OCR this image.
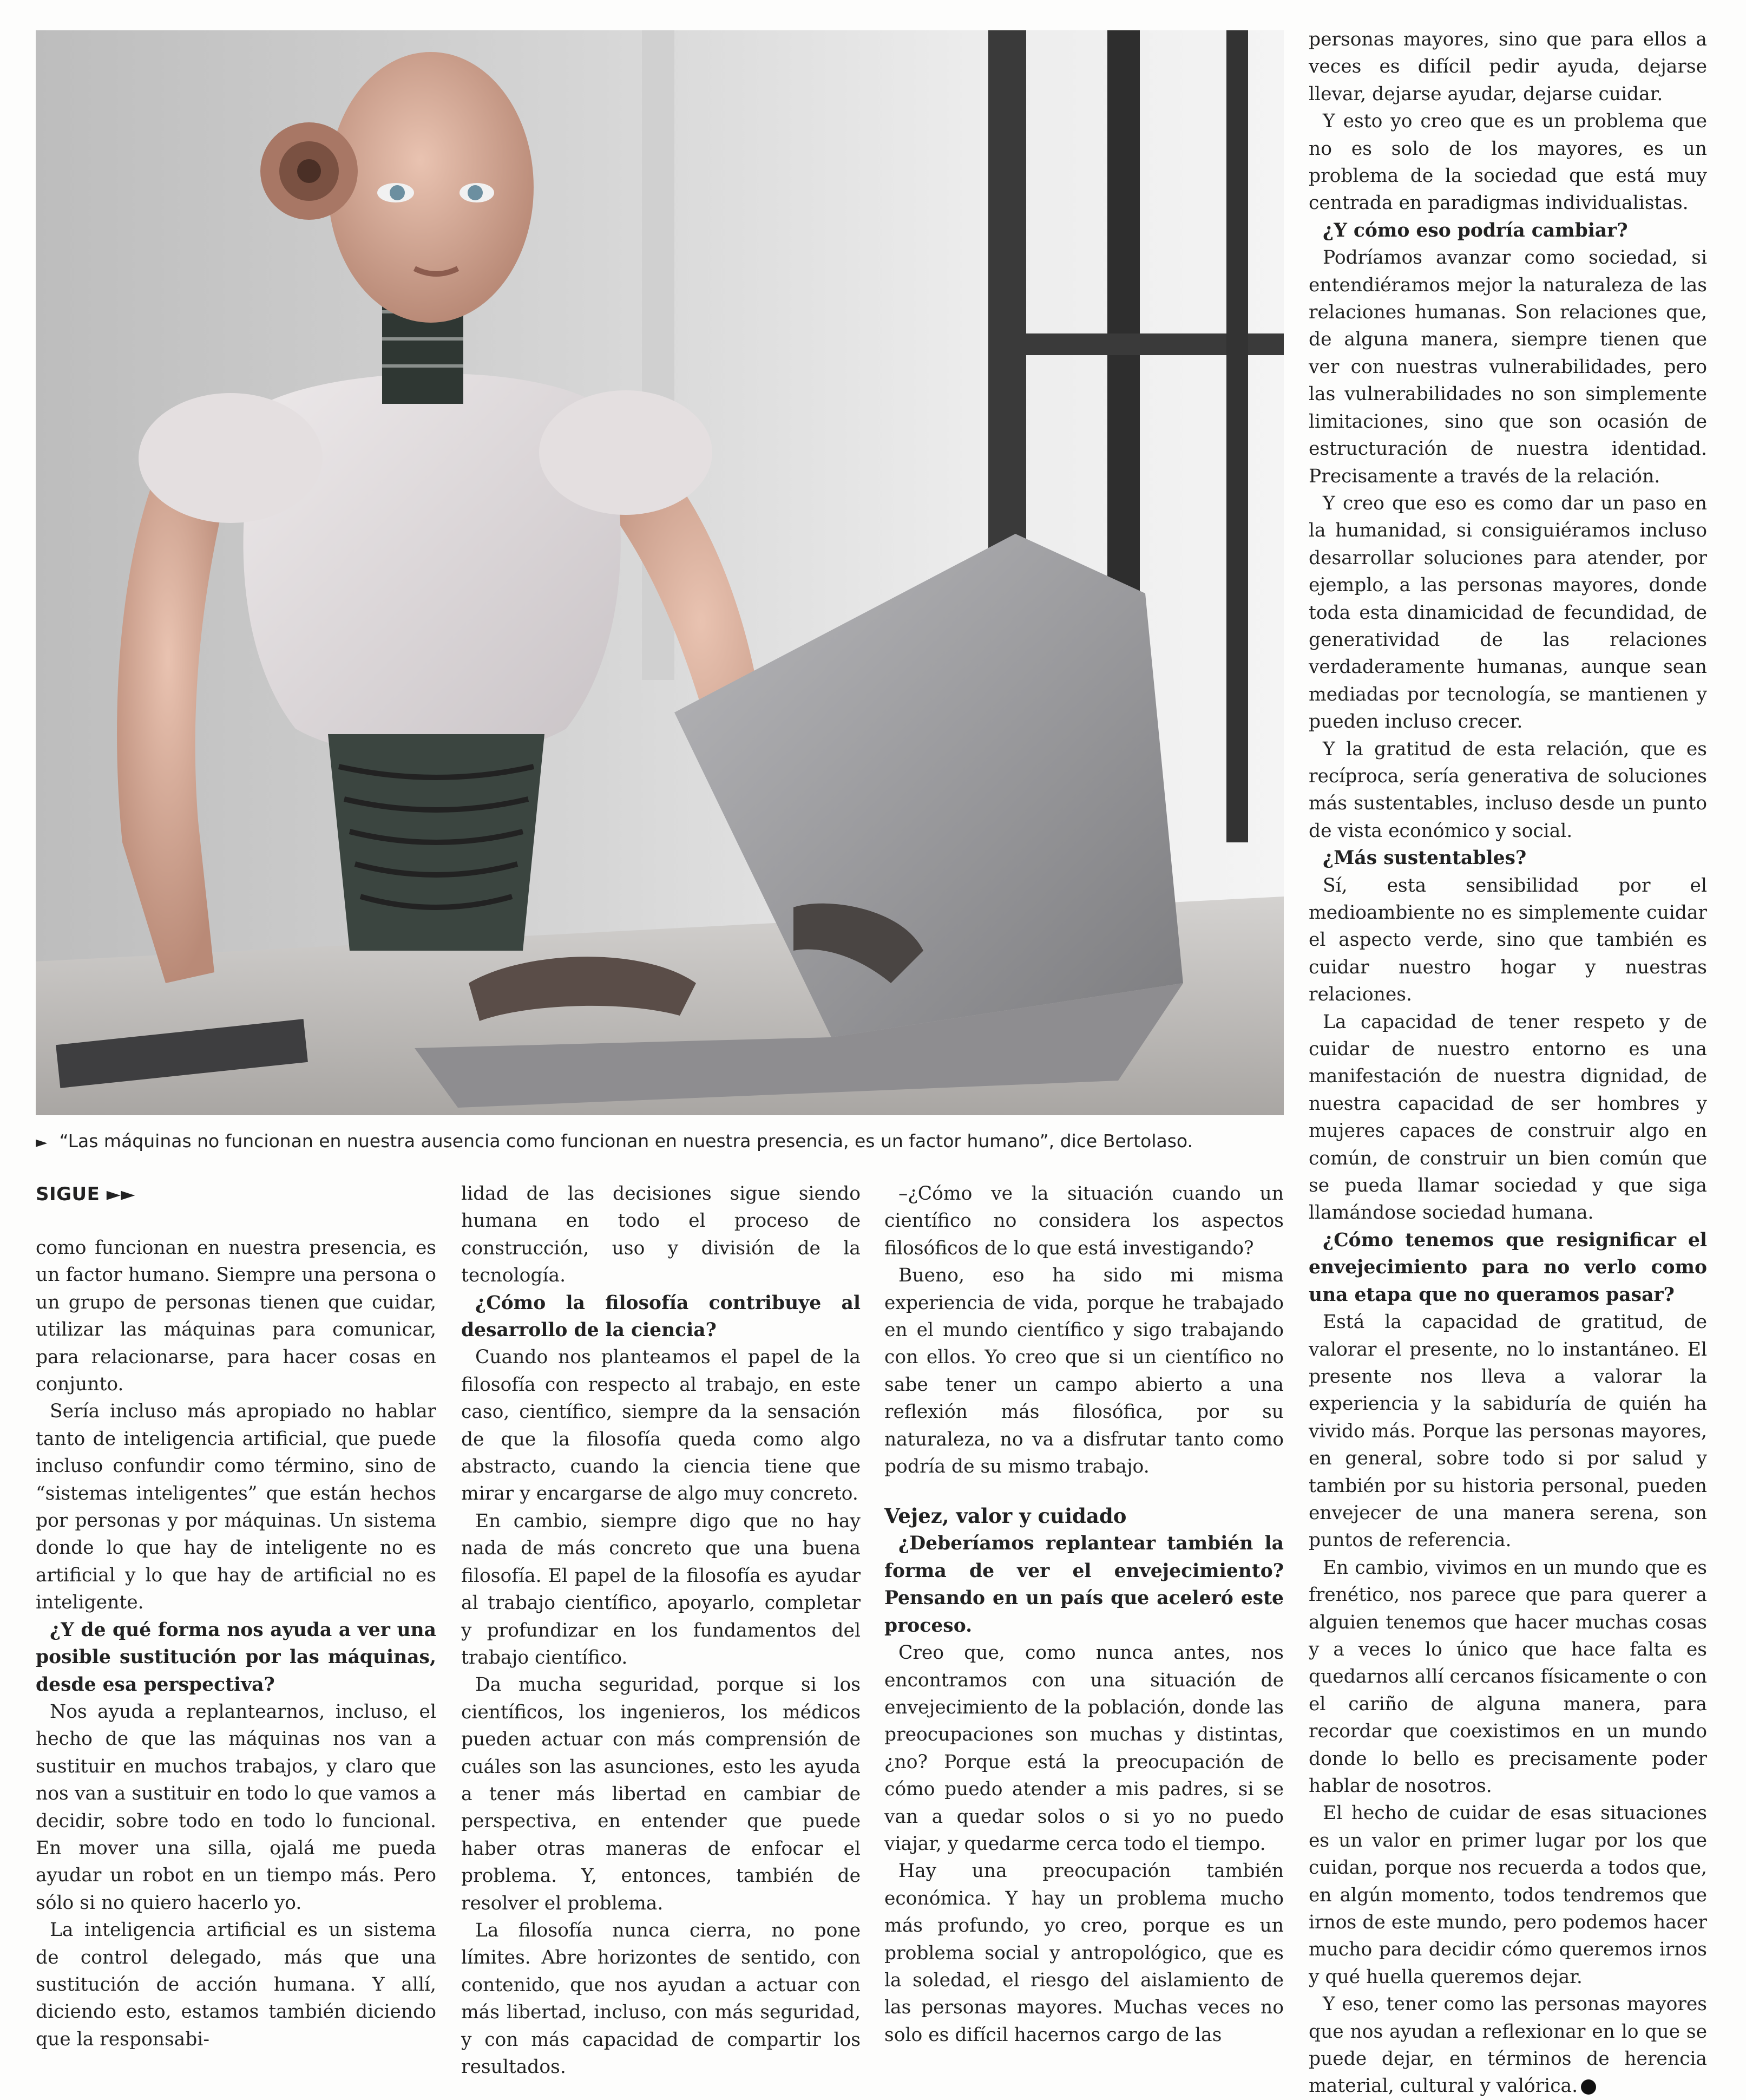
► “Las máquinas no funcionan en nuestra ausencia como funcionan en nuestra presencia, es un factor humano”, dice Bertolaso.
SIGUE ►►

como funcionan en nuestra presencia, es un factor humano. Siempre una persona o un grupo de personas tienen que cuidar, utilizar las máquinas para comunicar, para relacionarse, para hacer cosas en conjunto.

Sería incluso más apropiado no hablar tanto de inteligencia artificial, que puede incluso confundir como término, sino de “sistemas inteligentes” que están hechos por personas y por máquinas. Un sistema donde lo que hay de inteligente no es artificial y lo que hay de artificial no es inteligente.

¿Y de qué forma nos ayuda a ver una posible sustitución por las máquinas, desde esa perspectiva?

Nos ayuda a replantearnos, incluso, el hecho de que las máquinas nos van a sustituir en muchos trabajos, y claro que nos van a sustituir en todo lo que vamos a decidir, sobre todo en todo lo funcional. En mover una silla, ojalá me pueda ayudar un robot en un tiempo más. Pero sólo si no quiero hacerlo yo.

La inteligencia artificial es un sistema de control delegado, más que una sustitución de acción humana. Y allí, diciendo esto, estamos también diciendo que la responsabi-

lidad de las decisiones sigue siendo humana en todo el proceso de construcción, uso y división de la tecnología.

¿Cómo la filosofía contribuye al desarrollo de la ciencia?

Cuando nos planteamos el papel de la filosofía con respecto al trabajo, en este caso, científico, siempre da la sensación de que la filosofía queda como algo abstracto, cuando la ciencia tiene que mirar y encargarse de algo muy concreto.

En cambio, siempre digo que no hay nada de más concreto que una buena filosofía. El papel de la filosofía es ayudar al trabajo científico, apoyarlo, completar y profundizar en los fundamentos del trabajo científico.

Da mucha seguridad, porque si los científicos, los ingenieros, los médicos pueden actuar con más comprensión de cuáles son las asunciones, esto les ayuda a tener más libertad en cambiar de perspectiva, en entender que puede haber otras maneras de enfocar el problema. Y, entonces, también de resolver el problema.

La filosofía nunca cierra, no pone límites. Abre horizontes de sentido, con contenido, que nos ayudan a actuar con más libertad, incluso, con más seguridad, y con más capacidad de compartir los resultados.

–¿Cómo ve la situación cuando un científico no considera los aspectos filosóficos de lo que está investigando?

Bueno, eso ha sido mi misma experiencia de vida, porque he trabajado en el mundo científico y sigo trabajando con ellos. Yo creo que si un científico no sabe tener un campo abierto a una reflexión más filosófica, por su naturaleza, no va a disfrutar tanto como podría de su mismo trabajo.

Vejez, valor y cuidado

¿Deberíamos replantear también la forma de ver el envejecimiento? Pensando en un país que aceleró este proceso.

Creo que, como nunca antes, nos encontramos con una situación de envejecimiento de la población, donde las preocupaciones son muchas y distintas, ¿no? Porque está la preocupación de cómo puedo atender a mis padres, si se van a quedar solos o si yo no puedo viajar, y quedarme cerca todo el tiempo.

Hay una preocupación también económica. Y hay un problema mucho más profundo, yo creo, porque es un problema social y antropológico, que es la soledad, el riesgo del aislamiento de las personas mayores. Muchas veces no solo es difícil hacernos cargo de las

personas mayores, sino que para ellos a veces es difícil pedir ayuda, dejarse llevar, dejarse ayudar, dejarse cuidar.

Y esto yo creo que es un problema que no es solo de los mayores, es un problema de la sociedad que está muy centrada en paradigmas individualistas.

¿Y cómo eso podría cambiar?

Podríamos avanzar como sociedad, si entendiéramos mejor la naturaleza de las relaciones humanas. Son relaciones que, de alguna manera, siempre tienen que ver con nuestras vulnerabilidades, pero las vulnerabilidades no son simplemente limitaciones, sino que son ocasión de estructuración de nuestra identidad. Precisamente a través de la relación.

Y creo que eso es como dar un paso en la humanidad, si consiguiéramos incluso desarrollar soluciones para atender, por ejemplo, a las personas mayores, donde toda esta dinamicidad de fecundidad, de generatividad de las relaciones verdaderamente humanas, aunque sean mediadas por tecnología, se mantienen y pueden incluso crecer.

Y la gratitud de esta relación, que es recíproca, sería generativa de soluciones más sustentables, incluso desde un punto de vista económico y social.

¿Más sustentables?

Sí, esta sensibilidad por el medioambiente no es simplemente cuidar el aspecto verde, sino que también es cuidar nuestro hogar y nuestras relaciones.

La capacidad de tener respeto y de cuidar de nuestro entorno es una manifestación de nuestra dignidad, de nuestra capacidad de ser hombres y mujeres capaces de construir algo en común, de construir un bien común que se pueda llamar sociedad y que siga llamándose sociedad humana.

¿Cómo tenemos que resignificar el envejecimiento para no verlo como una etapa que no queramos pasar?

Está la capacidad de gratitud, de valorar el presente, no lo instantáneo. El presente nos lleva a valorar la experiencia y la sabiduría de quién ha vivido más. Porque las personas mayores, en general, sobre todo si por salud y también por su historia personal, pueden envejecer de una manera serena, son puntos de referencia.

En cambio, vivimos en un mundo que es frenético, nos parece que para querer a alguien tenemos que hacer muchas cosas y a veces lo único que hace falta es quedarnos allí cercanos físicamente o con el cariño de alguna manera, para recordar que coexistimos en un mundo donde lo bello es precisamente poder hablar de nosotros.

El hecho de cuidar de esas situaciones es un valor en primer lugar por los que cuidan, porque nos recuerda a todos que, en algún momento, todos tendremos que irnos de este mundo, pero podemos hacer mucho para decidir cómo queremos irnos y qué huella queremos dejar.

Y eso, tener como las personas mayores que nos ayudan a reflexionar en lo que se puede dejar, en términos de herencia material, cultural y valórica.
